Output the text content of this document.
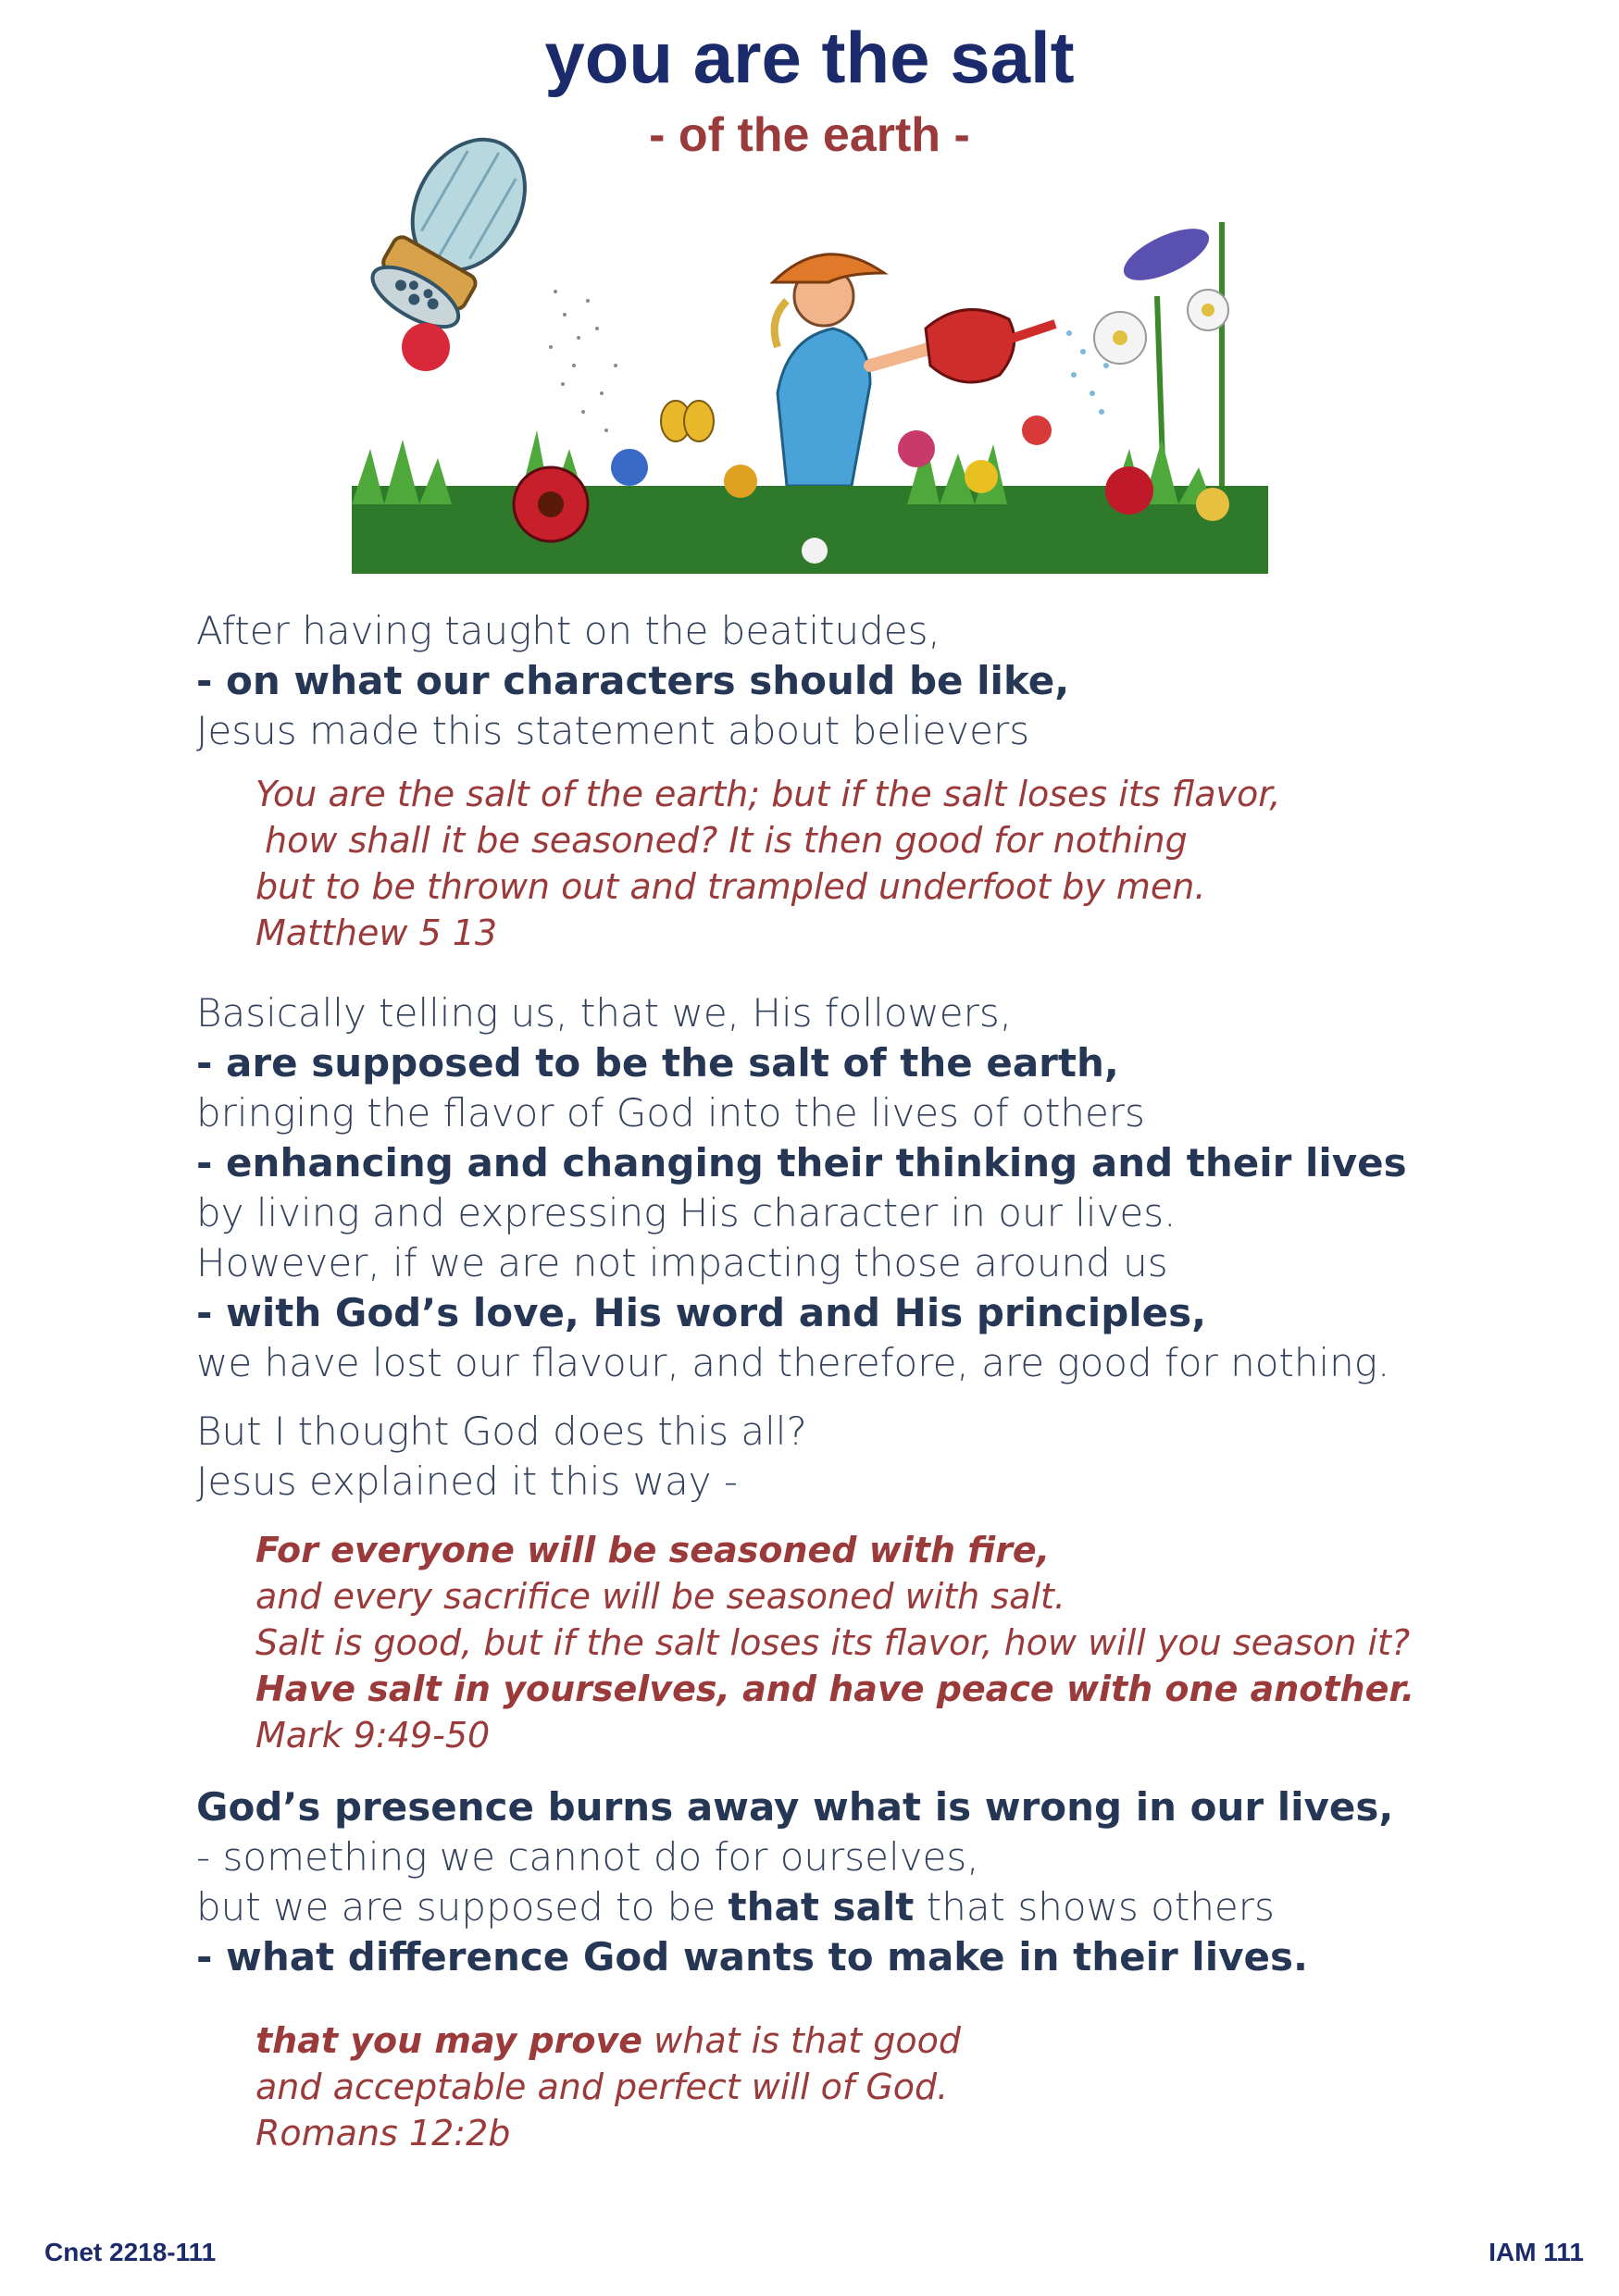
you are the salt
- of the earth -
After having taught on the beatitudes,
- on what our characters should be like,
Jesus made this statement about believers
You are the salt of the earth; but if the salt loses its flavor,
how shall it be seasoned? It is then good for nothing
but to be thrown out and trampled underfoot by men.
Matthew 5 13
Basically telling us, that we, His followers,
- are supposed to be the salt of the earth,
bringing the flavor of God into the lives of others
- enhancing and changing their thinking and their lives
by living and expressing His character in our lives.
However, if we are not impacting those around us
- with God’s love, His word and His principles,
we have lost our flavour, and therefore, are good for nothing.
But I thought God does this all?
Jesus explained it this way -
For everyone will be seasoned with fire,
and every sacrifice will be seasoned with salt.
Salt is good, but if the salt loses its flavor, how will you season it?
Have salt in yourselves, and have peace with one another.
Mark 9:49-50
God’s presence burns away what is wrong in our lives,
- something we cannot do for ourselves,
but we are supposed to be that salt that shows others
- what difference God wants to make in their lives.
that you may prove what is that good
and acceptable and perfect will of God.
Romans 12:2b
Cnet 2218-111	IAM 111
